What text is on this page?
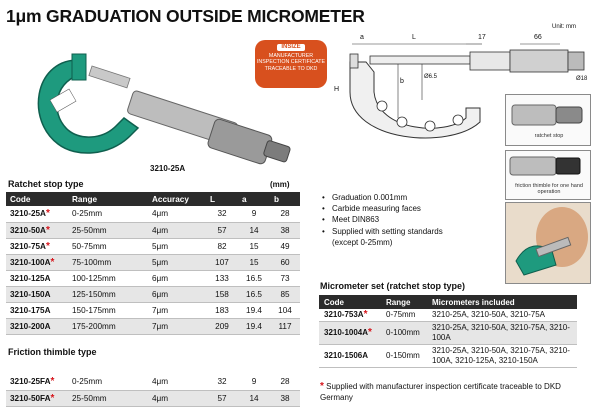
1μm GRADUATION OUTSIDE MICROMETER
3210-25A
INSIZE
MANUFACTURER
INSPECTION CERTIFICATE
TRACEABLE TO DKD
a	L	17	66
Unit: mm
Ø18
Ø6.5
b
H
ratchet stop
friction thimble for one hand operation
Ratchet stop type	(mm)
Code	Range	Accuracy	L	a	b
3210-25A*	0-25mm	4μm	32	9	28
3210-50A*	25-50mm	4μm	57	14	38
3210-75A*	50-75mm	5μm	82	15	49
3210-100A*	75-100mm	5μm	107	15	60
3210-125A	100-125mm	6μm	133	16.5	73
3210-150A	125-150mm	6μm	158	16.5	85
3210-175A	150-175mm	7μm	183	19.4	104
3210-200A	175-200mm	7μm	209	19.4	117
Friction thimble type
3210-25FA*	0-25mm	4μm	32	9	28
3210-50FA*	25-50mm	4μm	57	14	38
• Graduation 0.001mm
• Carbide measuring faces
• Meet DIN863
• Supplied with setting standards
(except 0-25mm)
Micrometer set (ratchet stop type)
Code	Range	Micrometers included
3210-753A*	0-75mm	3210-25A, 3210-50A, 3210-75A
3210-1004A*	0-100mm	3210-25A, 3210-50A, 3210-75A, 3210-100A
3210-1506A	0-150mm	3210-25A, 3210-50A, 3210-75A, 3210-100A, 3210-125A, 3210-150A
* Supplied with manufacturer inspection certificate traceable to DKD Germany
